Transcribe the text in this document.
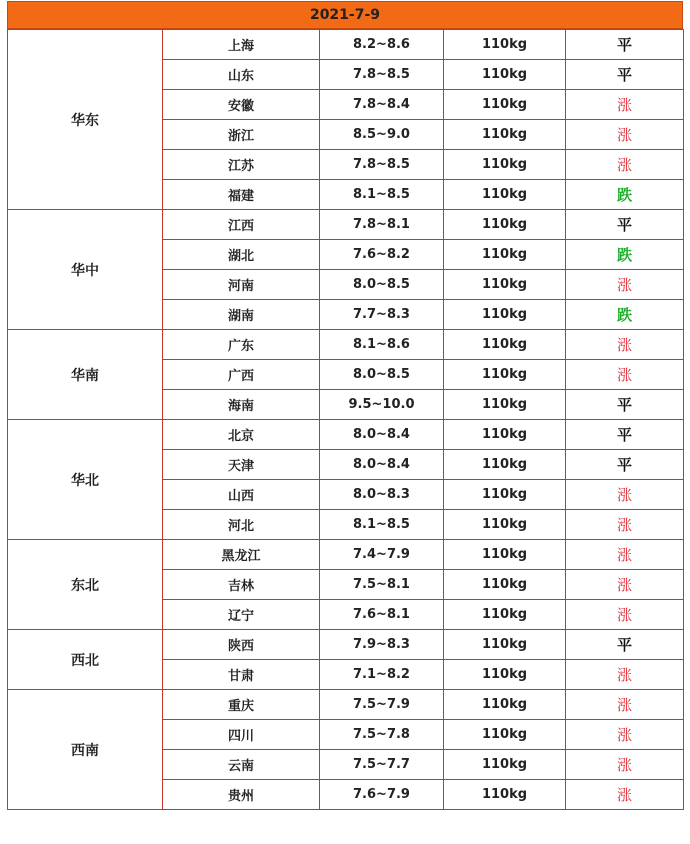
2021-7-9
华东	上海	8.2~8.6	110kg	平
	山东	7.8~8.5	110kg	平
	安徽	7.8~8.4	110kg	涨
	浙江	8.5~9.0	110kg	涨
	江苏	7.8~8.5	110kg	涨
	福建	8.1~8.5	110kg	跌
华中	江西	7.8~8.1	110kg	平
	湖北	7.6~8.2	110kg	跌
	河南	8.0~8.5	110kg	涨
	湖南	7.7~8.3	110kg	跌
华南	广东	8.1~8.6	110kg	涨
	广西	8.0~8.5	110kg	涨
	海南	9.5~10.0	110kg	平
华北	北京	8.0~8.4	110kg	平
	天津	8.0~8.4	110kg	平
	山西	8.0~8.3	110kg	涨
	河北	8.1~8.5	110kg	涨
东北	黑龙江	7.4~7.9	110kg	涨
	吉林	7.5~8.1	110kg	涨
	辽宁	7.6~8.1	110kg	涨
西北	陕西	7.9~8.3	110kg	平
	甘肃	7.1~8.2	110kg	涨
西南	重庆	7.5~7.9	110kg	涨
	四川	7.5~7.8	110kg	涨
	云南	7.5~7.7	110kg	涨
	贵州	7.6~7.9	110kg	涨
